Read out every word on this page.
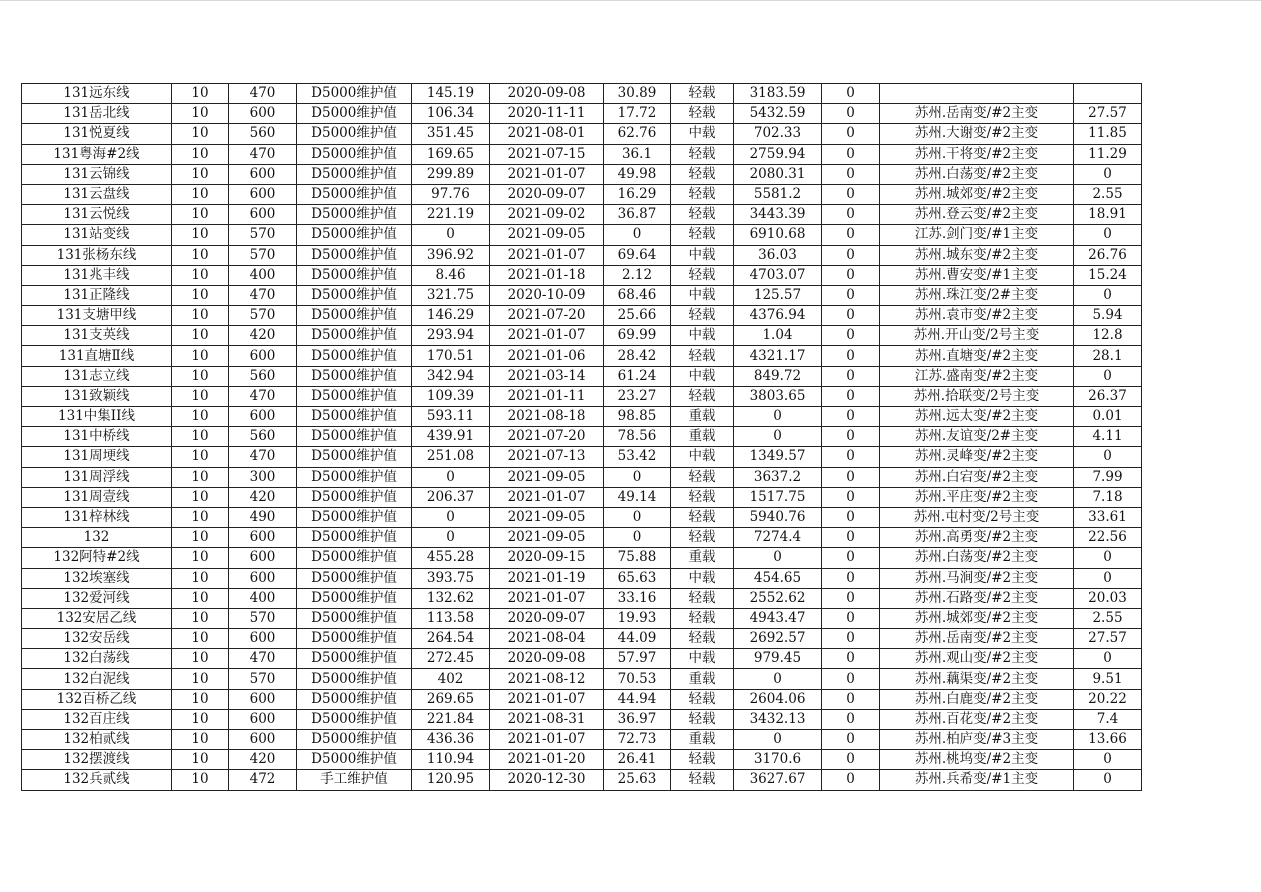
131远东线	10	470	D5000维护值	145.19	2020-09-08	30.89	轻载	3183.59	0		
131岳北线	10	600	D5000维护值	106.34	2020-11-11	17.72	轻载	5432.59	0	苏州.岳南变/#2主变	27.57
131悦夏线	10	560	D5000维护值	351.45	2021-08-01	62.76	中载	702.33	0	苏州.大谢变/#2主变	11.85
131粤海#2线	10	470	D5000维护值	169.65	2021-07-15	36.1	轻载	2759.94	0	苏州.干将变/#2主变	11.29
131云锦线	10	600	D5000维护值	299.89	2021-01-07	49.98	轻载	2080.31	0	苏州.白荡变/#2主变	0
131云盘线	10	600	D5000维护值	97.76	2020-09-07	16.29	轻载	5581.2	0	苏州.城郊变/#2主变	2.55
131云悦线	10	600	D5000维护值	221.19	2021-09-02	36.87	轻载	3443.39	0	苏州.登云变/#2主变	18.91
131站变线	10	570	D5000维护值	0	2021-09-05	0	轻载	6910.68	0	江苏.剑门变/#1主变	0
131张杨东线	10	570	D5000维护值	396.92	2021-01-07	69.64	中载	36.03	0	苏州.城东变/#2主变	26.76
131兆丰线	10	400	D5000维护值	8.46	2021-01-18	2.12	轻载	4703.07	0	苏州.曹安变/#1主变	15.24
131正隆线	10	470	D5000维护值	321.75	2020-10-09	68.46	中载	125.57	0	苏州.珠江变/2#主变	0
131支塘甲线	10	570	D5000维护值	146.29	2021-07-20	25.66	轻载	4376.94	0	苏州.袁市变/#2主变	5.94
131支英线	10	420	D5000维护值	293.94	2021-01-07	69.99	中载	1.04	0	苏州.开山变/2号主变	12.8
131直塘Ⅱ线	10	600	D5000维护值	170.51	2021-01-06	28.42	轻载	4321.17	0	苏州.直塘变/#2主变	28.1
131志立线	10	560	D5000维护值	342.94	2021-03-14	61.24	中载	849.72	0	江苏.盛南变/#2主变	0
131致颖线	10	470	D5000维护值	109.39	2021-01-11	23.27	轻载	3803.65	0	苏州.拾联变/2号主变	26.37
131中集II线	10	600	D5000维护值	593.11	2021-08-18	98.85	重载	0	0	苏州.远太变/#2主变	0.01
131中桥线	10	560	D5000维护值	439.91	2021-07-20	78.56	重载	0	0	苏州.友谊变/2#主变	4.11
131周埂线	10	470	D5000维护值	251.08	2021-07-13	53.42	中载	1349.57	0	苏州.灵峰变/#2主变	0
131周浮线	10	300	D5000维护值	0	2021-09-05	0	轻载	3637.2	0	苏州.白宕变/#2主变	7.99
131周壹线	10	420	D5000维护值	206.37	2021-01-07	49.14	轻载	1517.75	0	苏州.平庄变/#2主变	7.18
131梓林线	10	490	D5000维护值	0	2021-09-05	0	轻载	5940.76	0	苏州.屯村变/2号主变	33.61
132	10	600	D5000维护值	0	2021-09-05	0	轻载	7274.4	0	苏州.高勇变/#2主变	22.56
132阿特#2线	10	600	D5000维护值	455.28	2020-09-15	75.88	重载	0	0	苏州.白荡变/#2主变	0
132埃塞线	10	600	D5000维护值	393.75	2021-01-19	65.63	中载	454.65	0	苏州.马涧变/#2主变	0
132爱河线	10	400	D5000维护值	132.62	2021-01-07	33.16	轻载	2552.62	0	苏州.石路变/#2主变	20.03
132安居乙线	10	570	D5000维护值	113.58	2020-09-07	19.93	轻载	4943.47	0	苏州.城郊变/#2主变	2.55
132安岳线	10	600	D5000维护值	264.54	2021-08-04	44.09	轻载	2692.57	0	苏州.岳南变/#2主变	27.57
132白荡线	10	470	D5000维护值	272.45	2020-09-08	57.97	中载	979.45	0	苏州.观山变/#2主变	0
132白泥线	10	570	D5000维护值	402	2021-08-12	70.53	重载	0	0	苏州.藕渠变/#2主变	9.51
132百桥乙线	10	600	D5000维护值	269.65	2021-01-07	44.94	轻载	2604.06	0	苏州.白鹿变/#2主变	20.22
132百庄线	10	600	D5000维护值	221.84	2021-08-31	36.97	轻载	3432.13	0	苏州.百花变/#2主变	7.4
132柏贰线	10	600	D5000维护值	436.36	2021-01-07	72.73	重载	0	0	苏州.柏庐变/#3主变	13.66
132摆渡线	10	420	D5000维护值	110.94	2021-01-20	26.41	轻载	3170.6	0	苏州.桃坞变/#2主变	0
132兵贰线	10	472	手工维护值	120.95	2020-12-30	25.63	轻载	3627.67	0	苏州.兵希变/#1主变	0
